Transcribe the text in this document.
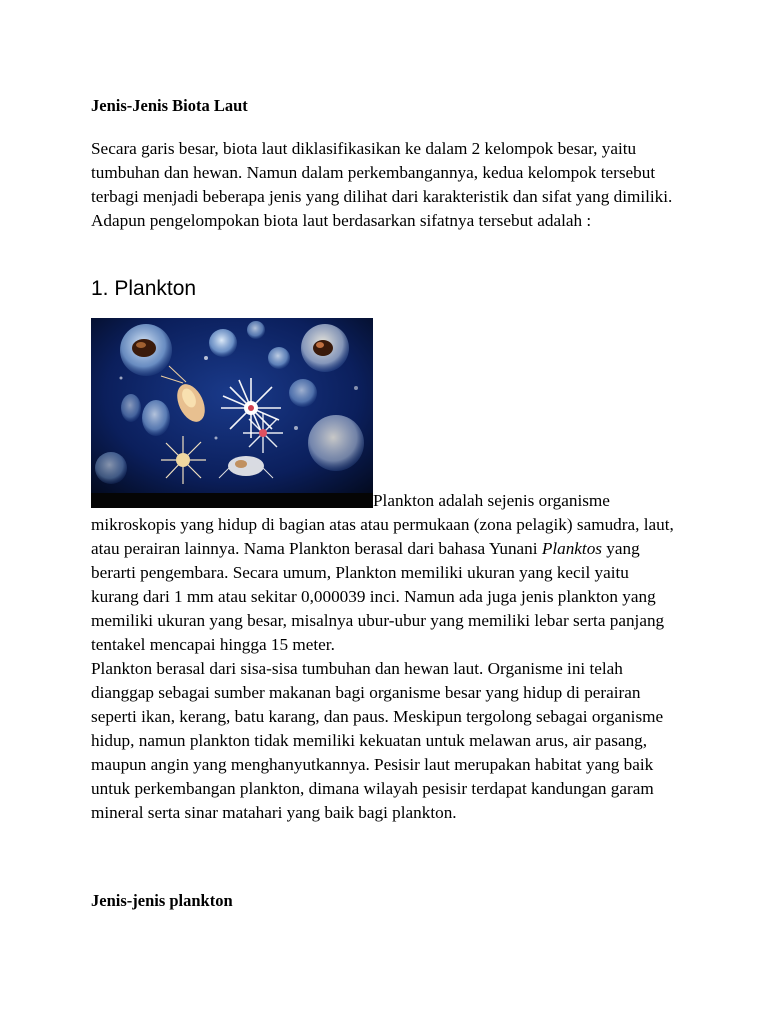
Jenis-Jenis Biota Laut

Secara garis besar, biota laut diklasifikasikan ke dalam 2 kelompok besar, yaitu tumbuhan dan hewan. Namun dalam perkembangannya, kedua kelompok tersebut terbagi menjadi beberapa jenis yang dilihat dari karakteristik dan sifat yang dimiliki. Adapun pengelompokan biota laut berdasarkan sifatnya tersebut adalah :

1. Plankton

Plankton adalah sejenis organisme mikroskopis yang hidup di bagian atas atau permukaan (zona pelagik) samudra, laut, atau perairan lainnya. Nama Plankton berasal dari bahasa Yunani Planktos yang berarti pengembara. Secara umum, Plankton memiliki ukuran yang kecil yaitu kurang dari 1 mm atau sekitar 0,000039 inci. Namun ada juga jenis plankton yang memiliki ukuran yang besar, misalnya ubur-ubur yang memiliki lebar serta panjang tentakel mencapai hingga 15 meter.

Plankton berasal dari sisa-sisa tumbuhan dan hewan laut. Organisme ini telah dianggap sebagai sumber makanan bagi organisme besar yang hidup di perairan seperti ikan, kerang, batu karang, dan paus. Meskipun tergolong sebagai organisme hidup, namun plankton tidak memiliki kekuatan untuk melawan arus, air pasang, maupun angin yang menghanyutkannya. Pesisir laut merupakan habitat yang baik untuk perkembangan plankton, dimana wilayah pesisir terdapat kandungan garam mineral serta sinar matahari yang baik bagi plankton.

Jenis-jenis plankton
